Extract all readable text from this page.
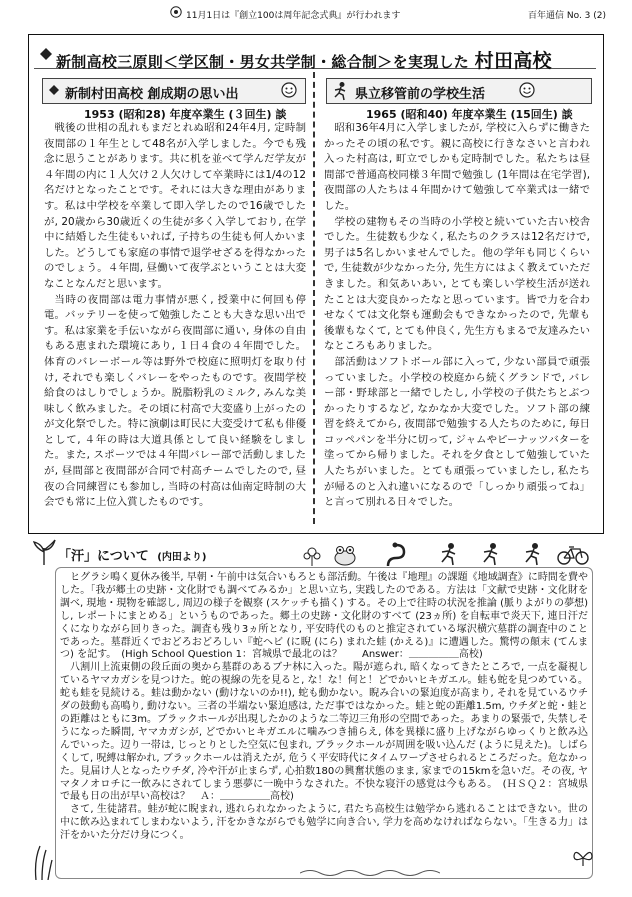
11月1日は『創立100は周年記念式典』が行われます	百年通信 No. 3 (2)
新制高校三原則＜学区制・男女共学制・総合制＞を実現した 村田高校
新制村田高校 創成期の思い出
1953 (昭和28) 年度卒業生 (３回生) 談

戦後の世相の乱れもまだとれぬ昭和24年4月, 定時制夜間部の１年生として48名が入学しました。今でも残念に思うことがあります。共に机を並べて学んだ学友が４年間の内に１人欠け２人欠けして卒業時には1/4の12名だけとなったことです。それには大きな理由があります。私は中学校を卒業して即入学したので16歳でしたが, 20歳から30歳近くの生徒が多く入学しており, 在学中に結婚した生徒もいれば, 子持ちの生徒も何人かいました。どうしても家庭の事情で退学せざるを得なかったのでしょう。４年間, 昼働いて夜学ぶということは大変なことなんだと思います。

当時の夜間部は電力事情が悪く, 授業中に何回も停電。バッテリーを使って勉強したことも大きな思い出です。私は家業を手伝いながら夜間部に通い, 身体の自由もある恵まれた環境にあり, １日４食の４年間でした。体育のバレーボール等は野外で校庭に照明灯を取り付け, それでも楽しくバレーをやったものです。夜間学校給食のはしりでしょうか。脱脂粉乳のミルク, みんな美味しく飲みました。その頃に村高で大変盛り上がったのが文化祭でした。特に演劇は町民に大変受けて私も俳優として, ４年の時は大道具係として良い経験をしました。また, スポーツでは４年間バレー部で活動しましたが, 昼間部と夜間部が合同で村高チームでしたので, 昼夜の合同練習にも参加し, 当時の村高は仙南定時制の大会でも常に上位入賞したものです。

県立移管前の学校生活
1965 (昭和40) 年度卒業生 (15回生) 談

昭和36年4月に入学しましたが, 学校に入らずに働きたかったその頃の私です。親に高校に行きなさいと言われ入った村高は, 町立でしかも定時制でした。私たちは昼間部で普通高校同様３年間で勉強し (1年間は在宅学習), 夜間部の人たちは４年間かけて勉強して卒業式は一緒でした。

学校の建物もその当時の小学校と続いていた古い校舎でした。生徒数も少なく, 私たちのクラスは12名だけで, 男子は5名しかいませんでした。他の学年も同じくらいで, 生徒数が少なかった分, 先生方にはよく教えていただきました。和気あいあい, とても楽しい学校生活が送れたことは大変良かったなと思っています。皆で力を合わせなくては文化祭も運動会もできなかったので, 先輩も後輩もなくて, とても仲良く, 先生方もまるで友達みたいなところもありました。

部活動はソフトボール部に入って, 少ない部員で頑張っていました。小学校の校庭から続くグランドで, バレー部・野球部と一緒でしたし, 小学校の子供たちとぶつかったりするなど, なかなか大変でした。ソフト部の練習を終えてから, 夜間部で勉強する人たちのために, 毎日コッペパンを半分に切って, ジャムやピーナッツバターを塗ってから帰りました。それを夕食として勉強していた人たちがいました。とても頑張っていましたし, 私たちが帰るのと入れ違いになるので「しっかり頑張ってね」と言って別れる日々でした。

「汗」について (内田より)

ヒグラシ鳴く夏休み後半, 早朝・午前中は気合いもろとも部活動。午後は『地理』の課題《地域調査》に時間を費やした。「我が郷土の史跡・文化財でも調べてみるか」と思い立ち, 実践したのである。方法は「文献で史跡・文化財を調べ, 現地・現物を確認し, 周辺の様子を観察 (スケッチも描く) する。その上で往時の状況を推論 (脈りよがりの夢想) し, レポートにまとめる」というものであった。郷土の史跡・文化財のすべて (23ヵ所) を自転車で炎天下, 連日汗だくになりながら回りきった。調査も残り3ヵ所となり, 平安時代のものと推定されている塚沢横穴墓群の調査中のことであった。墓群近くでおどろおどろしい『蛇ヘビ (に睨 (にら) まれた蛙 (かえる)』に遭遇した。驚愕の顛末 (てんまつ) を記す。　(High School Question 1：宮城県で最北のは？　　Answer：＿＿＿＿＿高校)

八割川上流東側の段丘面の奥から墓群のあるブナ林に入った。陽が遮られ, 暗くなってきたところで, 一点を凝視しているヤマカガシを見つけた。蛇の視線の先を見ると, な！な！何と！どでかいヒキガエル。蛙も蛇を見つめている。蛇も蛙を見続ける。蛙は動かない (動けないのか!!), 蛇も動かない。睨み合いの緊迫度が高まり, それを見ているウチダの鼓動も高鳴り, 動けない。三者の半端ない緊迫感は, ただ事ではなかった。蛙と蛇の距離1.5m, ウチダと蛇・蛙との距離はともに3m。ブラックホールが出現したかのような二等辺三角形の空間であった。あまりの緊張で, 失禁しそうになった瞬間, ヤマカガシが, どでかいヒキガエルに噛みつき捕らえ, 体を異様に盛り上げながらゆっくりと飲み込んでいった。辺り一帯は, じっとりとした空気に包まれ, ブラックホールが周囲を吸い込んだ (ように見えた)。しばらくして, 呪縛は解かれ, ブラックホールは消えたが, 危うく平安時代にタイムワープさせられるところだった。危なかった。見届け人となったウチダ, 冷や汗が止まらず, 心拍数180の興奮状態のまま, 家までの15kmを急いだ。その夜, ヤマタノオロチに一飲みにされてしまう悪夢に一晩中うなされた。不快な寝汗の感覚は今もある。　(ＨＳＱ２：宮城県で最も日の出が早い高校は？　Ａ：＿＿＿＿＿高校)

さて, 生徒諸君。蛙が蛇に睨まれ, 逃れられなかったように, 君たち高校生は勉学から逃れることはできない。世の中に飲み込まれてしまわないよう, 汗をかきながらでも勉学に向き合い, 学力を高めなければならない。「生きる力」は汗をかいた分だけ身につく。
